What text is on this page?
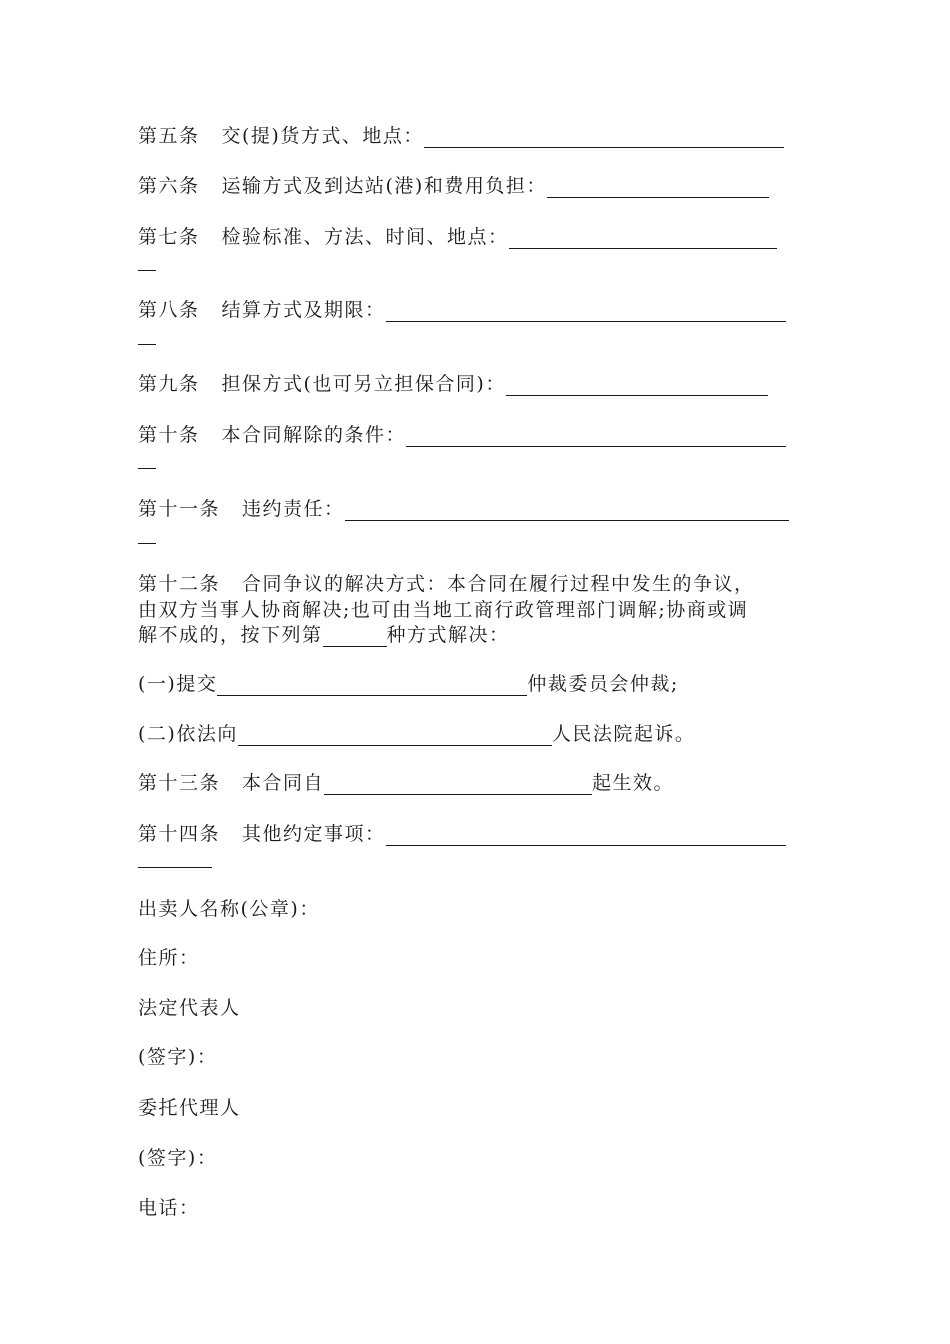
第五条 交(提)货方式、地点：
第六条 运输方式及到达站(港)和费用负担：
第七条 检验标准、方法、时间、地点：
第八条 结算方式及期限：
第九条 担保方式(也可另立担保合同)：
第十条 本合同解除的条件：
第十一条 违约责任：
第十二条 合同争议的解决方式：本合同在履行过程中发生的争议，
由双方当事人协商解决;也可由当地工商行政管理部门调解;协商或调
解不成的，按下列第	种方式解决：
(一)提交	仲裁委员会仲裁;
(二)依法向	人民法院起诉。
第十三条 本合同自	起生效。
第十四条 其他约定事项：
出卖人名称(公章)：
住所：
法定代表人
(签字)：
委托代理人
(签字)：
电话：
